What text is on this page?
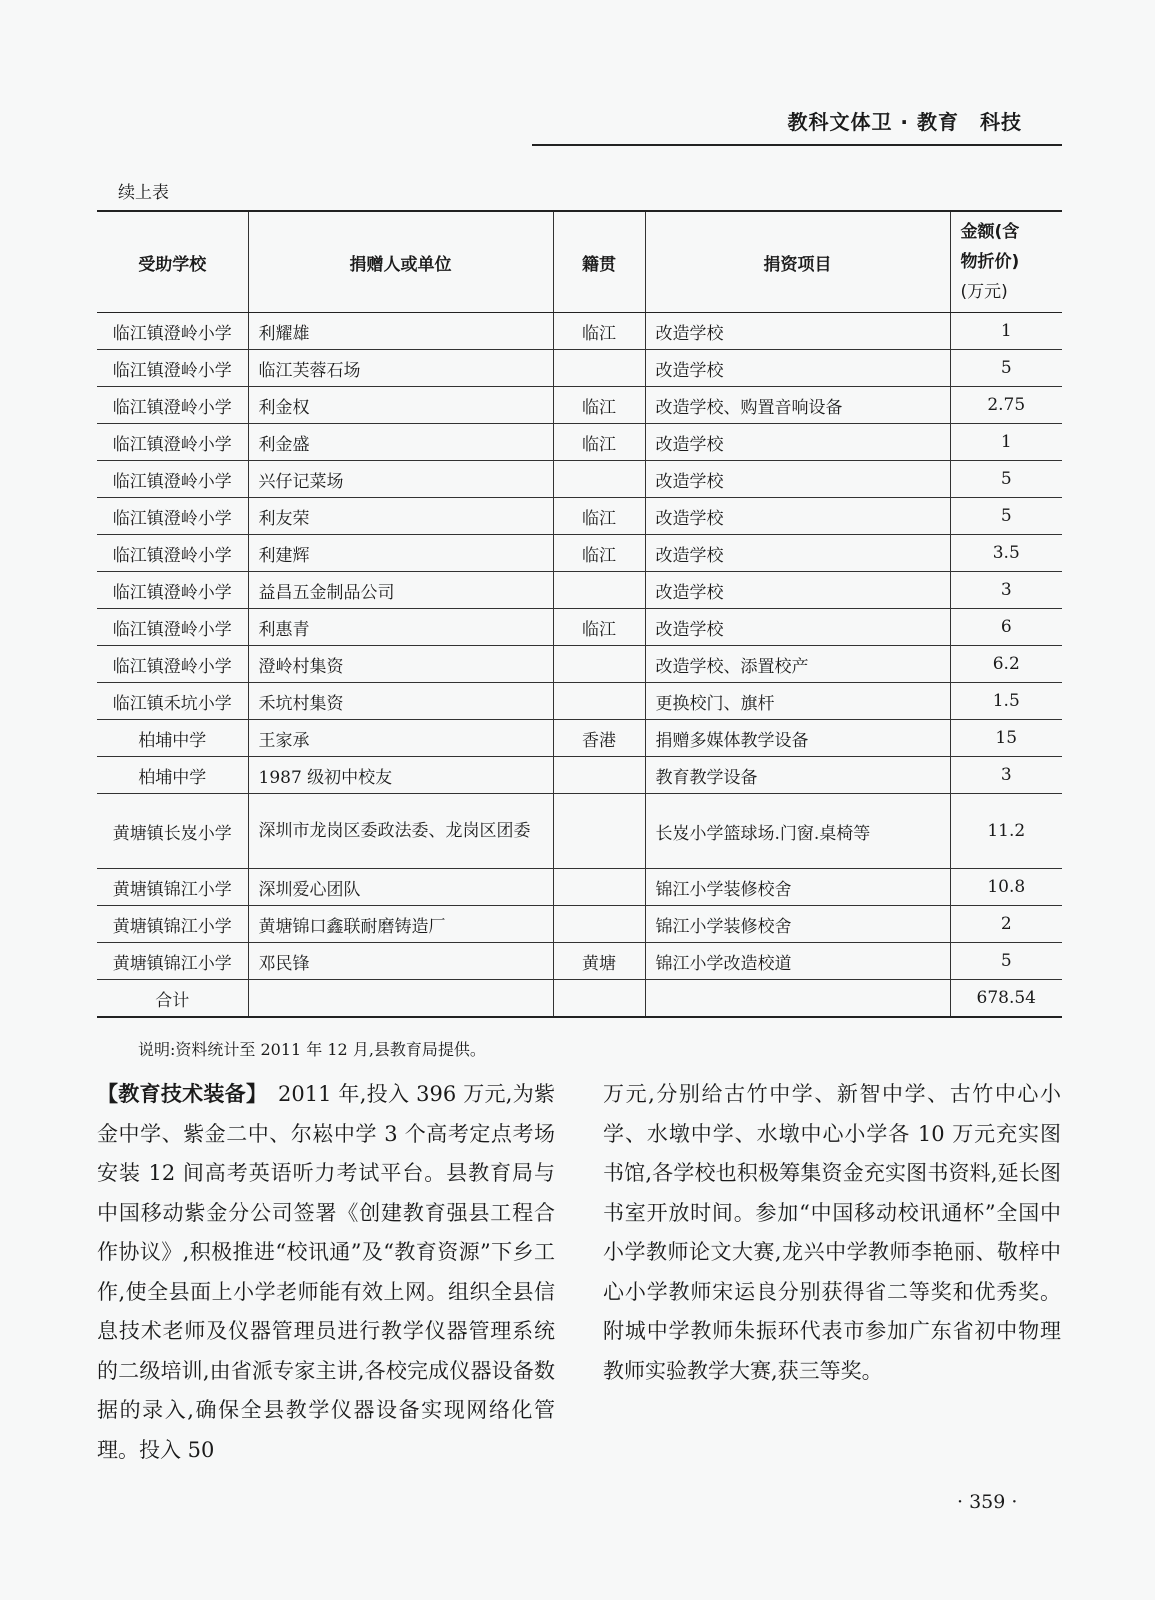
教科文体卫 · 教育　科技
续上表
受助学校	捐赠人或单位	籍贯	捐资项目	金额(含
物折价)
(万元)

临江镇澄岭小学	利耀雄	临江	改造学校	1
临江镇澄岭小学	临江芙蓉石场		改造学校	5
临江镇澄岭小学	利金权	临江	改造学校、购置音响设备	2.75
临江镇澄岭小学	利金盛	临江	改造学校	1
临江镇澄岭小学	兴仔记菜场		改造学校	5
临江镇澄岭小学	利友荣	临江	改造学校	5
临江镇澄岭小学	利建辉	临江	改造学校	3.5
临江镇澄岭小学	益昌五金制品公司		改造学校	3
临江镇澄岭小学	利惠青	临江	改造学校	6
临江镇澄岭小学	澄岭村集资		改造学校、添置校产	6.2
临江镇禾坑小学	禾坑村集资		更换校门、旗杆	1.5
柏埔中学	王家承	香港	捐赠多媒体教学设备	15
柏埔中学	1987 级初中校友		教育教学设备	3
黄塘镇长岌小学	深圳市龙岗区委政法委、龙岗区团委		长岌小学篮球场.门窗.桌椅等	11.2
黄塘镇锦江小学	深圳爱心团队		锦江小学装修校舍	10.8
黄塘镇锦江小学	黄塘锦口鑫联耐磨铸造厂		锦江小学装修校舍	2
黄塘镇锦江小学	邓民锋	黄塘	锦江小学改造校道	5
合计				678.54
说明:资料统计至 2011 年 12 月,县教育局提供。
【教育技术装备】　2011 年,投入 396 万元,为紫金中学、紫金二中、尔崧中学 3 个高考定点考场安装 12 间高考英语听力考试平台。县教育局与中国移动紫金分公司签署《创建教育强县工程合作协议》,积极推进“校讯通”及“教育资源”下乡工作,使全县面上小学老师能有效上网。组织全县信息技术老师及仪器管理员进行教学仪器管理系统的二级培训,由省派专家主讲,各校完成仪器设备数据的录入,确保全县教学仪器设备实现网络化管理。投入 50
万元,分别给古竹中学、新智中学、古竹中心小学、水墩中学、水墩中心小学各 10 万元充实图书馆,各学校也积极筹集资金充实图书资料,延长图书室开放时间。参加“中国移动校讯通杯”全国中小学教师论文大赛,龙兴中学教师李艳丽、敬梓中心小学教师宋运良分别获得省二等奖和优秀奖。附城中学教师朱振环代表市参加广东省初中物理教师实验教学大赛,获三等奖。
· 359 ·
